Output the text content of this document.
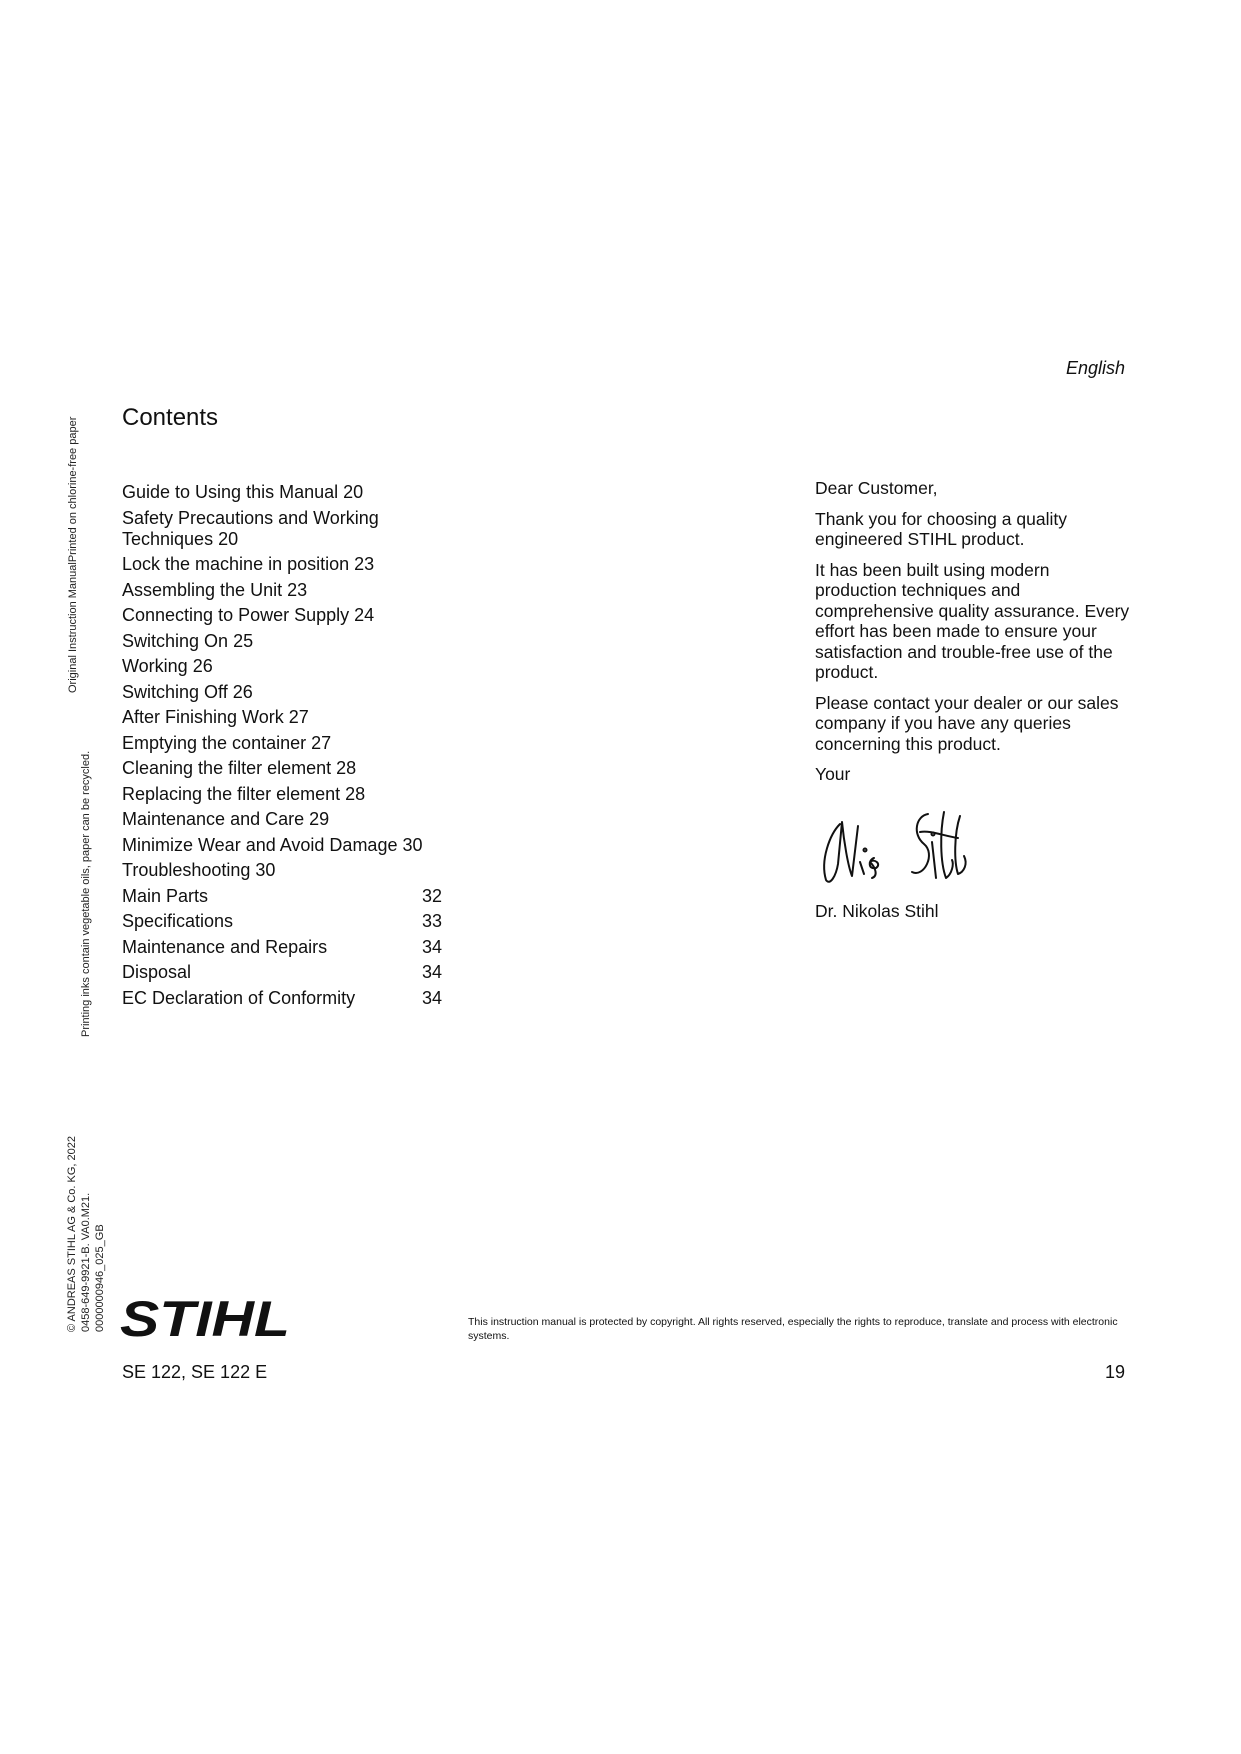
English
Contents
Guide to Using this Manual 20
Safety Precautions and Working Techniques 20
Lock the machine in position 23
Assembling the Unit 23
Connecting to Power Supply 24
Switching On 25
Working 26
Switching Off 26
After Finishing Work 27
Emptying the container 27
Cleaning the filter element 28
Replacing the filter element 28
Maintenance and Care 29
Minimize Wear and Avoid Damage 30
Troubleshooting 30
Main Parts	32
Specifications	33
Maintenance and Repairs	34
Disposal	34
EC Declaration of Conformity	34

Dear Customer,

Thank you for choosing a quality engineered STIHL product.

It has been built using modern production techniques and comprehensive quality assurance. Every effort has been made to ensure your satisfaction and trouble-free use of the product.

Please contact your dealer or our sales company if you have any queries concerning this product.

Your

Dr. Nikolas Stihl
Original Instruction ManualPrinted on chlorine-free paper
Printing inks contain vegetable oils, paper can be recycled.
© ANDREAS STIHL AG & Co. KG, 2022 0458-649-9921-B. VA0.M21. 0000000946_025_GB STIHL	This instruction manual is protected by copyright. All rights reserved, especially the rights to reproduce, translate and process with electronic systems.
SE 122, SE 122 E	19
